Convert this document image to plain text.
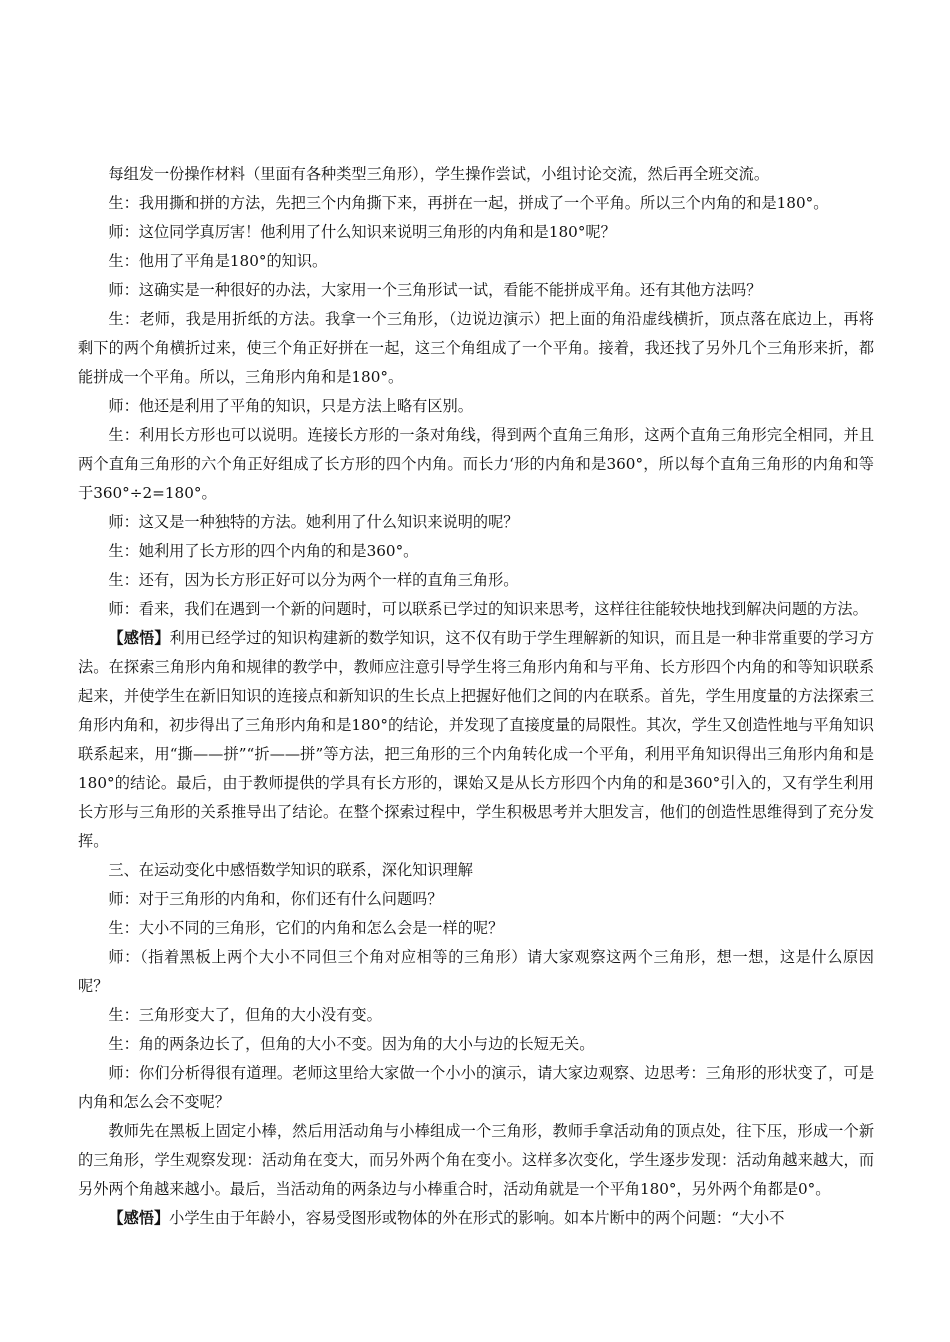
每组发一份操作材料（里面有各种类型三角形），学生操作尝试，小组讨论交流，然后再全班交流。

生：我用撕和拼的方法，先把三个内角撕下来，再拼在一起，拼成了一个平角。所以三个内角的和是180°。

师：这位同学真厉害！他利用了什么知识来说明三角形的内角和是180°呢？

生：他用了平角是180°的知识。

师：这确实是一种很好的办法，大家用一个三角形试一试，看能不能拼成平角。还有其他方法吗？

生：老师，我是用折纸的方法。我拿一个三角形，（边说边演示）把上面的角沿虚线横折，顶点落在底边上，再将剩下的两个角横折过来，使三个角正好拼在一起，这三个角组成了一个平角。接着，我还找了另外几个三角形来折，都能拼成一个平角。所以，三角形内角和是180°。

师：他还是利用了平角的知识，只是方法上略有区别。

生：利用长方形也可以说明。连接长方形的一条对角线，得到两个直角三角形，这两个直角三角形完全相同，并且两个直角三角形的六个角正好组成了长方形的四个内角。而长力‘形的内角和是360°，所以每个直角三角形的内角和等于360°÷2=180°。

师：这又是一种独特的方法。她利用了什么知识来说明的呢？

生：她利用了长方形的四个内角的和是360°。

生：还有，因为长方形正好可以分为两个一样的直角三角形。

师：看来，我们在遇到一个新的问题时，可以联系已学过的知识来思考，这样往往能较快地找到解决问题的方法。

【感悟】利用已经学过的知识构建新的数学知识，这不仅有助于学生理解新的知识，而且是一种非常重要的学习方法。在探索三角形内角和规律的教学中，教师应注意引导学生将三角形内角和与平角、长方形四个内角的和等知识联系起来，并使学生在新旧知识的连接点和新知识的生长点上把握好他们之间的内在联系。首先，学生用度量的方法探索三角形内角和，初步得出了三角形内角和是180°的结论，并发现了直接度量的局限性。其次，学生又创造性地与平角知识联系起来，用“撕——拼”“折——拼”等方法，把三角形的三个内角转化成一个平角，利用平角知识得出三角形内角和是180°的结论。最后，由于教师提供的学具有长方形的，课始又是从长方形四个内角的和是360°引入的，又有学生利用长方形与三角形的关系推导出了结论。在整个探索过程中，学生积极思考并大胆发言，他们的创造性思维得到了充分发挥。

三、在运动变化中感悟数学知识的联系，深化知识理解

师：对于三角形的内角和，你们还有什么问题吗？

生：大小不同的三角形，它们的内角和怎么会是一样的呢？

师：（指着黑板上两个大小不同但三个角对应相等的三角形）请大家观察这两个三角形，想一想，这是什么原因呢？

生：三角形变大了，但角的大小没有变。

生：角的两条边长了，但角的大小不变。因为角的大小与边的长短无关。

师：你们分析得很有道理。老师这里给大家做一个小小的演示，请大家边观察、边思考：三角形的形状变了，可是内角和怎么会不变呢？

教师先在黑板上固定小棒，然后用活动角与小棒组成一个三角形，教师手拿活动角的顶点处，往下压，形成一个新的三角形，学生观察发现：活动角在变大，而另外两个角在变小。这样多次变化，学生逐步发现：活动角越来越大，而另外两个角越来越小。最后，当活动角的两条边与小棒重合时，活动角就是一个平角180°，另外两个角都是0°。

【感悟】小学生由于年龄小，容易受图形或物体的外在形式的影响。如本片断中的两个问题：“大小不
